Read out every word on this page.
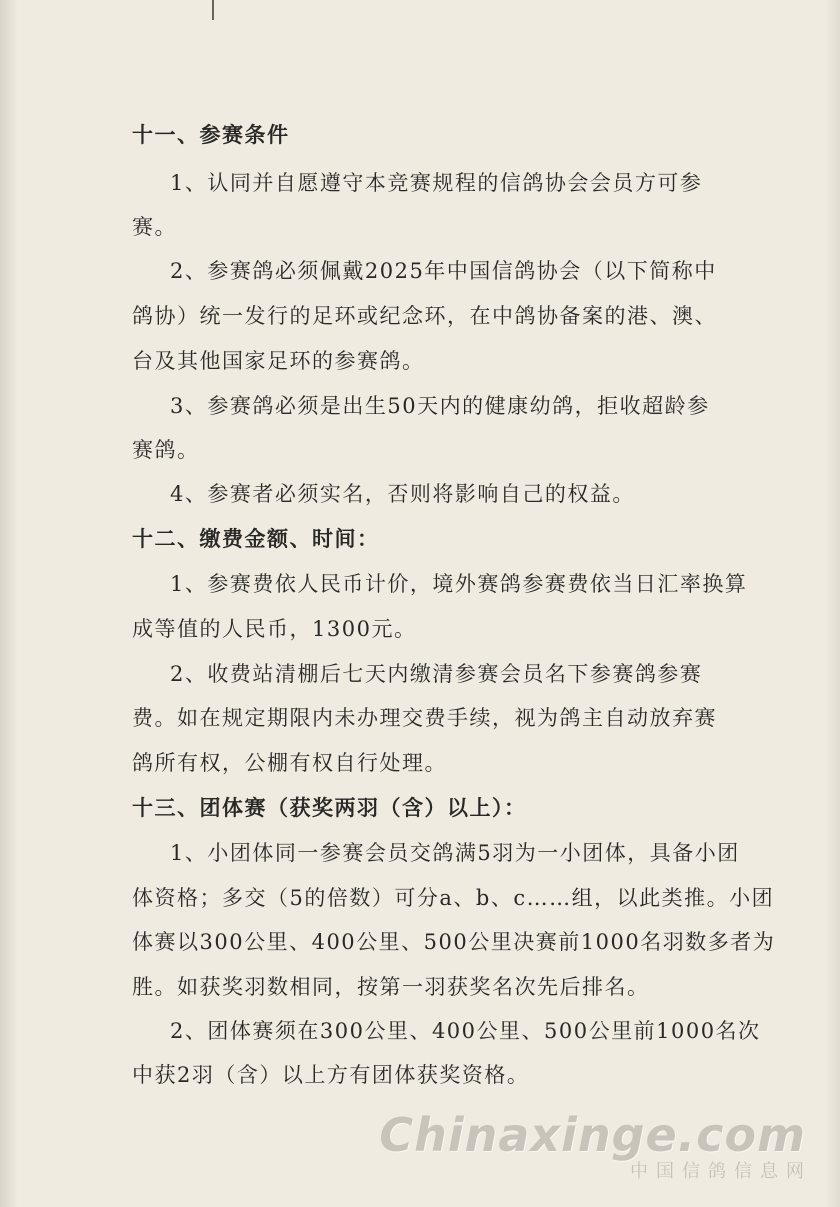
十一、参赛条件

1、认同并自愿遵守本竞赛规程的信鸽协会会员方可参

赛。

2、参赛鸽必须佩戴2025年中国信鸽协会（以下简称中

鸽协）统一发行的足环或纪念环，在中鸽协备案的港、澳、

台及其他国家足环的参赛鸽。

3、参赛鸽必须是出生50天内的健康幼鸽，拒收超龄参

赛鸽。

4、参赛者必须实名，否则将影响自己的权益。

十二、缴费金额、时间：

1、参赛费依人民币计价，境外赛鸽参赛费依当日汇率换算

成等值的人民币，1300元。

2、收费站清棚后七天内缴清参赛会员名下参赛鸽参赛

费。如在规定期限内未办理交费手续，视为鸽主自动放弃赛

鸽所有权，公棚有权自行处理。

十三、团体赛（获奖两羽（含）以上）：

1、小团体同一参赛会员交鸽满5羽为一小团体，具备小团

体资格；多交（5的倍数）可分a、b、c……组，以此类推。小团

体赛以300公里、400公里、500公里决赛前1000名羽数多者为

胜。如获奖羽数相同，按第一羽获奖名次先后排名。

2、团体赛须在300公里、400公里、500公里前1000名次

中获2羽（含）以上方有团体获奖资格。

Chinaxinge.com
中国信鸽信息网
